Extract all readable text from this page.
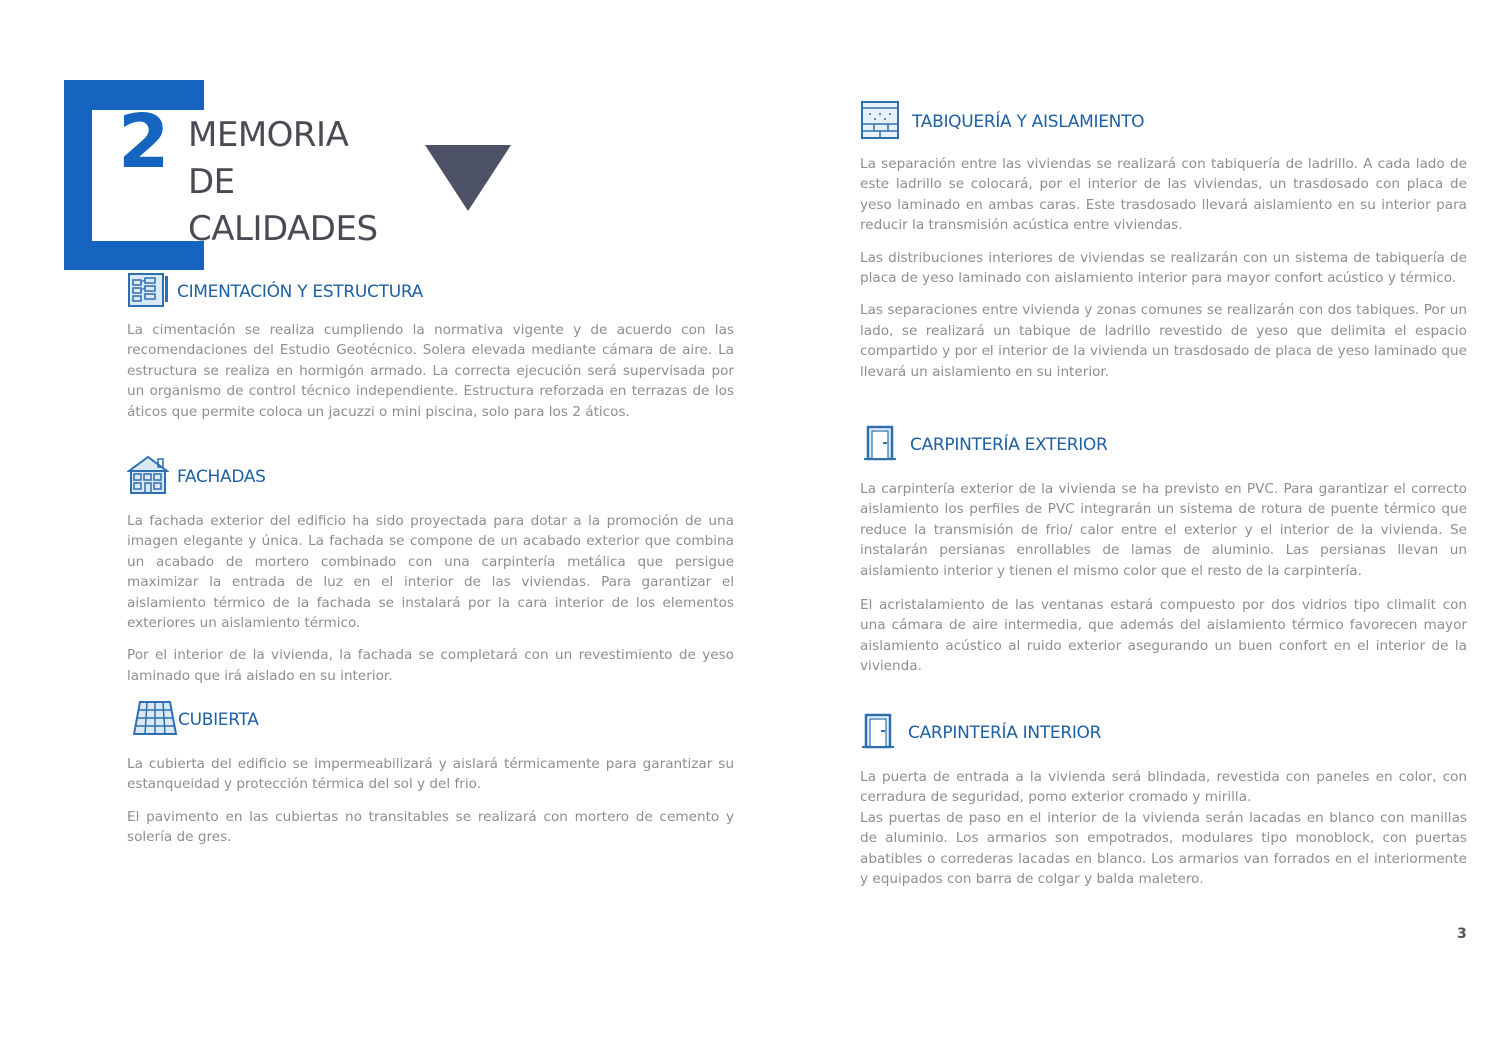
2 MEMORIA
DE
CALIDADES
CIMENTACIÓN Y ESTRUCTURA

La cimentación se realiza cumpliendo la normativa vigente y de acuerdo con las recomendaciones del Estudio Geotécnico. Solera elevada mediante cámara de aire. La estructura se realiza en hormigón armado. La correcta ejecución será supervisada por un organismo de control técnico independiente. Estructura reforzada en terrazas de los áticos que permite coloca un jacuzzi o mini piscina, solo para los 2 áticos.

FACHADAS

La fachada exterior del edificio ha sido proyectada para dotar a la promoción de una imagen elegante y única. La fachada se compone de un acabado exterior que combina un acabado de mortero combinado con una carpintería metálica que persigue maximizar la entrada de luz en el interior de las viviendas. Para garantizar el aislamiento térmico de la fachada se instalará por la cara interior de los elementos exteriores un aislamiento térmico.

Por el interior de la vivienda, la fachada se completará con un revestimiento de yeso laminado que irá aislado en su interior.

CUBIERTA

La cubierta del edificio se impermeabilizará y aislará térmicamente para garantizar su estanqueidad y protección térmica del sol y del frio.

El pavimento en las cubiertas no transitables se realizará con mortero de cemento y solería de gres.

TABIQUERÍA Y AISLAMIENTO

La separación entre las viviendas se realizará con tabiquería de ladrillo. A cada lado de este ladrillo se colocará, por el interior de las viviendas, un trasdosado con placa de yeso laminado en ambas caras. Este trasdosado llevará aislamiento en su interior para reducir la transmisión acústica entre viviendas.

Las distribuciones interiores de viviendas se realizarán con un sistema de tabiquería de placa de yeso laminado con aislamiento interior para mayor confort acústico y térmico.

Las separaciones entre vivienda y zonas comunes se realizarán con dos tabiques. Por un lado, se realizará un tabique de ladrillo revestido de yeso que delimita el espacio compartido y por el interior de la vivienda un trasdosado de placa de yeso laminado que llevará un aislamiento en su interior.

CARPINTERÍA EXTERIOR

La carpintería exterior de la vivienda se ha previsto en PVC. Para garantizar el correcto aislamiento los perfiles de PVC integrarán un sistema de rotura de puente térmico que reduce la transmisión de frio/ calor entre el exterior y el interior de la vivienda. Se instalarán persianas enrollables de lamas de aluminio. Las persianas llevan un aislamiento interior y tienen el mismo color que el resto de la carpintería.

El acristalamiento de las ventanas estará compuesto por dos vidrios tipo climalit con una cámara de aire intermedia, que además del aislamiento térmico favorecen mayor aislamiento acústico al ruido exterior asegurando un buen confort en el interior de la vivienda.

CARPINTERÍA INTERIOR

La puerta de entrada a la vivienda será blindada, revestida con paneles en color, con cerradura de seguridad, pomo exterior cromado y mirilla.

Las puertas de paso en el interior de la vivienda serán lacadas en blanco con manillas de aluminio. Los armarios son empotrados, modulares tipo monoblock, con puertas abatibles o correderas lacadas en blanco. Los armarios van forrados en el interiormente y equipados con barra de colgar y balda maletero.

3
